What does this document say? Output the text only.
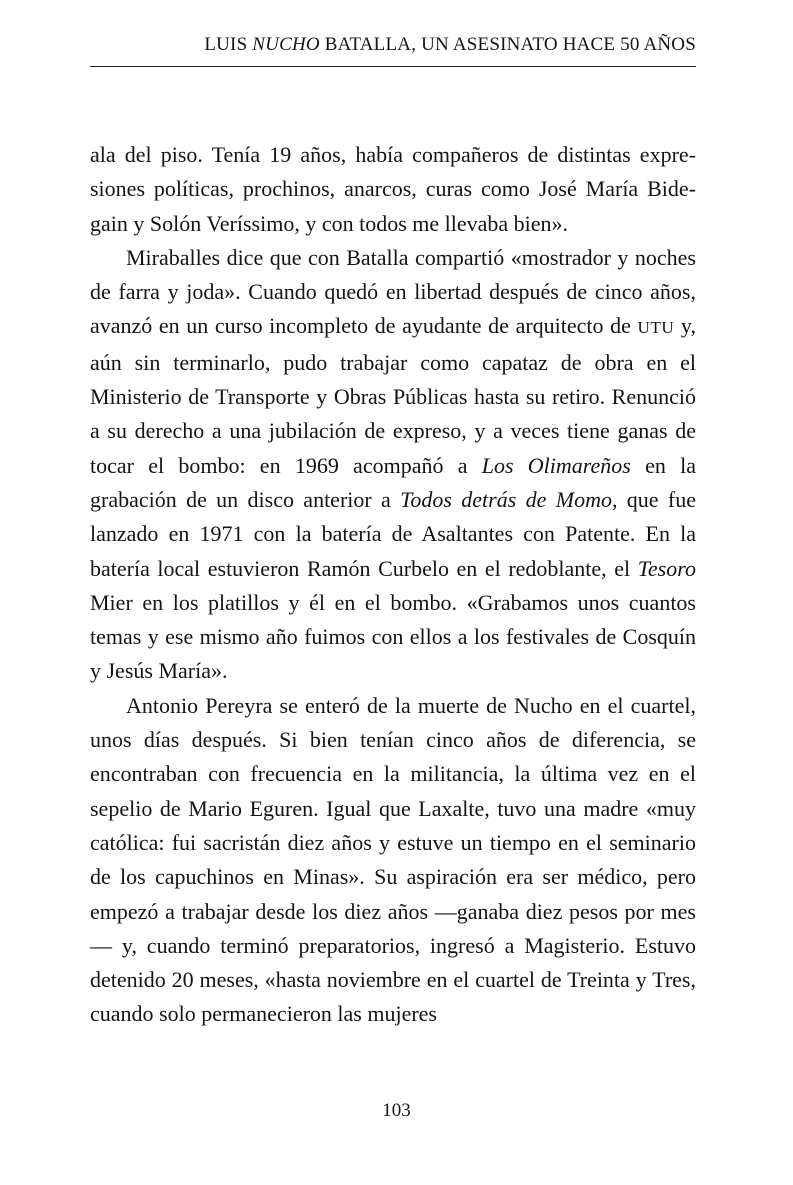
LUIS NUCHO BATALLA, UN ASESINATO HACE 50 AÑOS

ala del piso. Tenía 19 años, había compañeros de distintas expresiones políticas, prochinos, anarcos, curas como José María Bidegain y Solón Veríssimo, y con todos me llevaba bien».

Miraballes dice que con Batalla compartió «mostrador y noches de farra y joda». Cuando quedó en libertad después de cinco años, avanzó en un curso incompleto de ayudante de arquitecto de UTU y, aún sin terminarlo, pudo trabajar como capataz de obra en el Ministerio de Transporte y Obras Públicas hasta su retiro. Renunció a su derecho a una jubilación de expreso, y a veces tiene ganas de tocar el bombo: en 1969 acompañó a Los Olimareños en la grabación de un disco anterior a Todos detrás de Momo, que fue lanzado en 1971 con la batería de Asaltantes con Patente. En la batería local estuvieron Ramón Curbelo en el redoblante, el Tesoro Mier en los platillos y él en el bombo. «Grabamos unos cuantos temas y ese mismo año fuimos con ellos a los festivales de Cosquín y Jesús María».

Antonio Pereyra se enteró de la muerte de Nucho en el cuartel, unos días después. Si bien tenían cinco años de diferencia, se encontraban con frecuencia en la militancia, la última vez en el sepelio de Mario Eguren. Igual que Laxalte, tuvo una madre «muy católica: fui sacristán diez años y estuve un tiempo en el seminario de los capuchinos en Minas». Su aspiración era ser médico, pero empezó a trabajar desde los diez años —ganaba diez pesos por mes— y, cuando terminó preparatorios, ingresó a Magisterio. Estuvo detenido 20 meses, «hasta noviembre en el cuartel de Treinta y Tres, cuando solo permanecieron las mujeres

103
